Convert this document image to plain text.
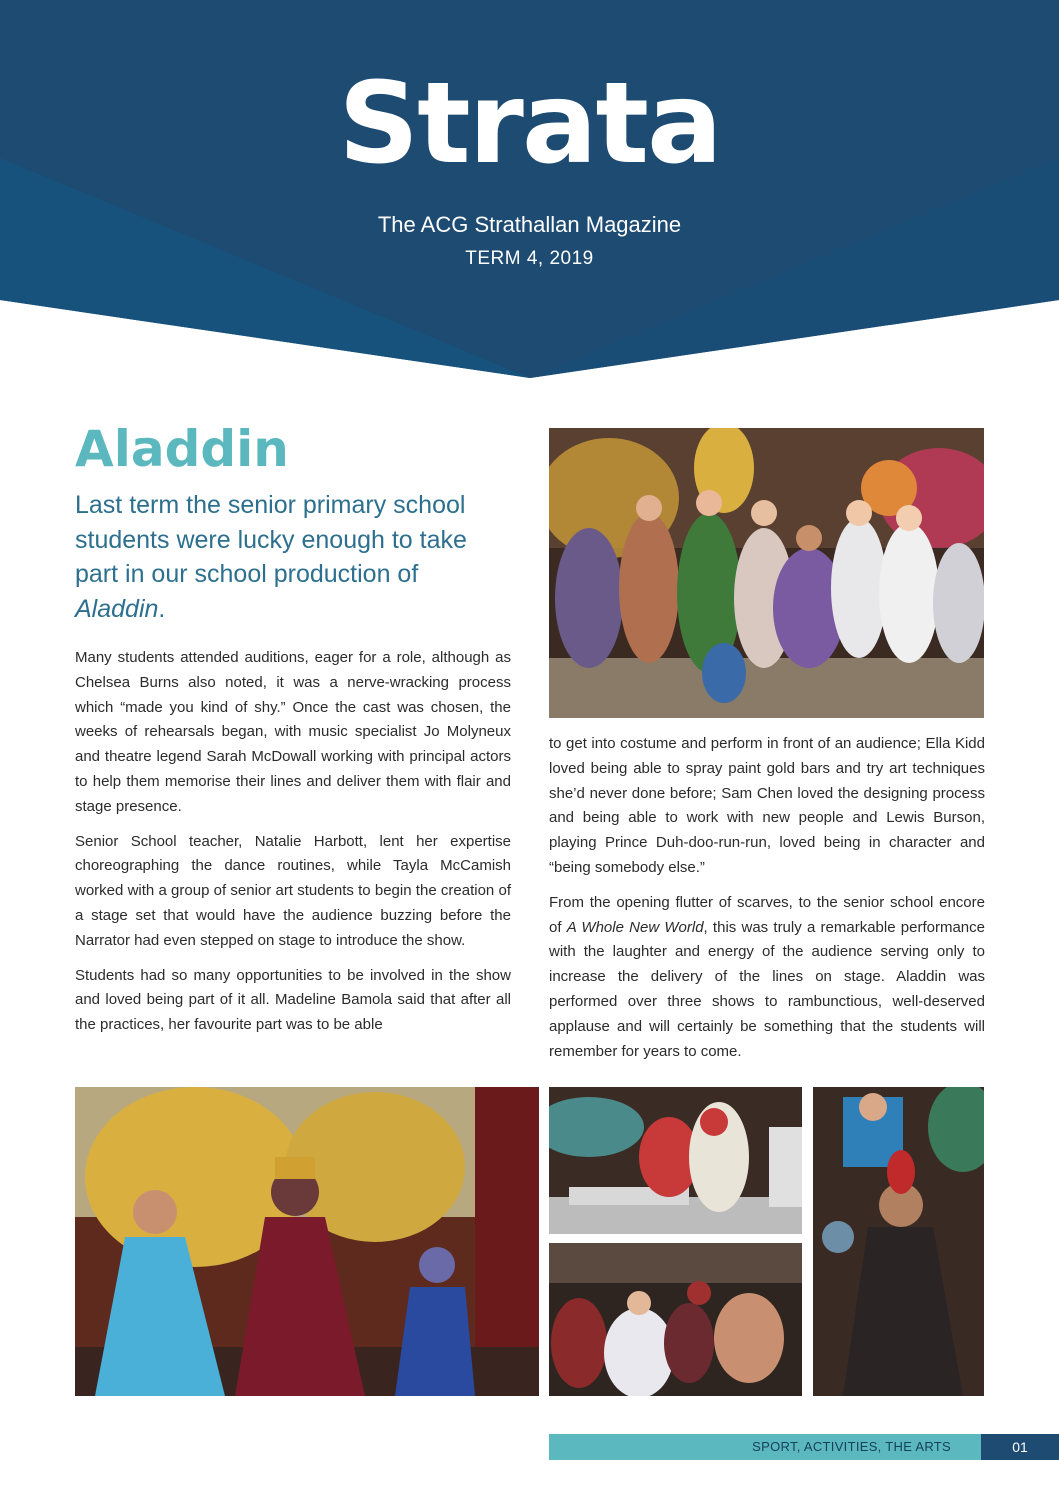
Strata
The ACG Strathallan Magazine
TERM 4, 2019
Aladdin
Last term the senior primary school students were lucky enough to take part in our school production of Aladdin.

Many students attended auditions, eager for a role, although as Chelsea Burns also noted, it was a nerve-wracking process which “made you kind of shy.” Once the cast was chosen, the weeks of rehearsals began, with music specialist Jo Molyneux and theatre legend Sarah McDowall working with principal actors to help them memorise their lines and deliver them with flair and stage presence.

Senior School teacher, Natalie Harbott, lent her expertise choreographing the dance routines, while Tayla McCamish worked with a group of senior art students to begin the creation of a stage set that would have the audience buzzing before the Narrator had even stepped on stage to introduce the show.

Students had so many opportunities to be involved in the show and loved being part of it all. Madeline Bamola said that after all the practices, her favourite part was to be able

to get into costume and perform in front of an audience; Ella Kidd loved being able to spray paint gold bars and try art techniques she’d never done before; Sam Chen loved the designing process and being able to work with new people and Lewis Burson, playing Prince Duh-doo-run-run, loved being in character and “being somebody else.”

From the opening flutter of scarves, to the senior school encore of A Whole New World, this was truly a remarkable performance with the laughter and energy of the audience serving only to increase the delivery of the lines on stage. Aladdin was performed over three shows to rambunctious, well-deserved applause and will certainly be something that the students will remember for years to come.

SPORT, ACTIVITIES, THE ARTS	01
